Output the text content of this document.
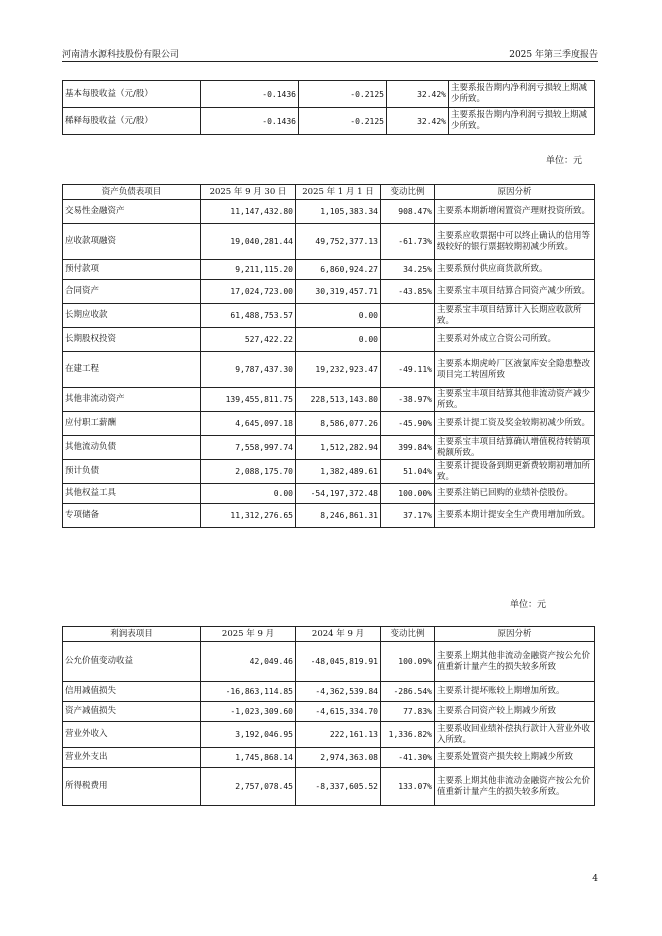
河南清水源科技股份有限公司	2025 年第三季度报告
基本每股收益（元/股）	-0.1436	-0.2125	32.42%	主要系报告期内净利润亏损较上期减少所致。
稀释每股收益（元/股）	-0.1436	-0.2125	32.42%	主要系报告期内净利润亏损较上期减少所致。
单位：元
资产负债表项目	2025 年 9 月 30 日	2025 年 1 月 1 日	变动比例	原因分析
交易性金融资产	11,147,432.80	1,105,383.34	908.47%	主要系本期新增闲置资产理财投资所致。
应收款项融资	19,040,281.44	49,752,377.13	-61.73%	主要系应收票据中可以终止确认的信用等级较好的银行票据较期初减少所致。
预付款项	9,211,115.20	6,860,924.27	34.25%	主要系预付供应商货款所致。
合同资产	17,024,723.00	30,319,457.71	-43.85%	主要系宝丰项目结算合同资产减少所致。
长期应收款	61,488,753.57	0.00		主要系宝丰项目结算计入长期应收款所致。
长期股权投资	527,422.22	0.00		主要系对外成立合资公司所致。
在建工程	9,787,437.30	19,232,923.47	-49.11%	主要系本期虎岭厂区液氯库安全隐患整改项目完工转固所致
其他非流动资产	139,455,811.75	228,513,143.80	-38.97%	主要系宝丰项目结算其他非流动资产减少所致。
应付职工薪酬	4,645,097.18	8,586,077.26	-45.90%	主要系计提工资及奖金较期初减少所致。
其他流动负债	7,558,997.74	1,512,282.94	399.84%	主要系宝丰项目结算确认增值税待转销项税额所致。
预计负债	2,088,175.70	1,382,489.61	51.04%	主要系计提设备到期更新费较期初增加所致。
其他权益工具	0.00	-54,197,372.48	100.00%	主要系注销已回购的业绩补偿股份。
专项储备	11,312,276.65	8,246,861.31	37.17%	主要系本期计提安全生产费用增加所致。
单位：元
利润表项目	2025 年 9 月	2024 年 9 月	变动比例	原因分析
公允价值变动收益	42,049.46	-48,045,819.91	100.09%	主要系上期其他非流动金融资产按公允价值重新计量产生的损失较多所致
信用减值损失	-16,863,114.85	-4,362,539.84	-286.54%	主要系计提坏账较上期增加所致。
资产减值损失	-1,023,309.60	-4,615,334.70	77.83%	主要系合同资产较上期减少所致
营业外收入	3,192,046.95	222,161.13	1,336.82%	主要系收回业绩补偿执行款计入营业外收入所致。
营业外支出	1,745,868.14	2,974,363.08	-41.30%	主要系处置资产损失较上期减少所致
所得税费用	2,757,078.45	-8,337,605.52	133.07%	主要系上期其他非流动金融资产按公允价值重新计量产生的损失较多所致。
4
